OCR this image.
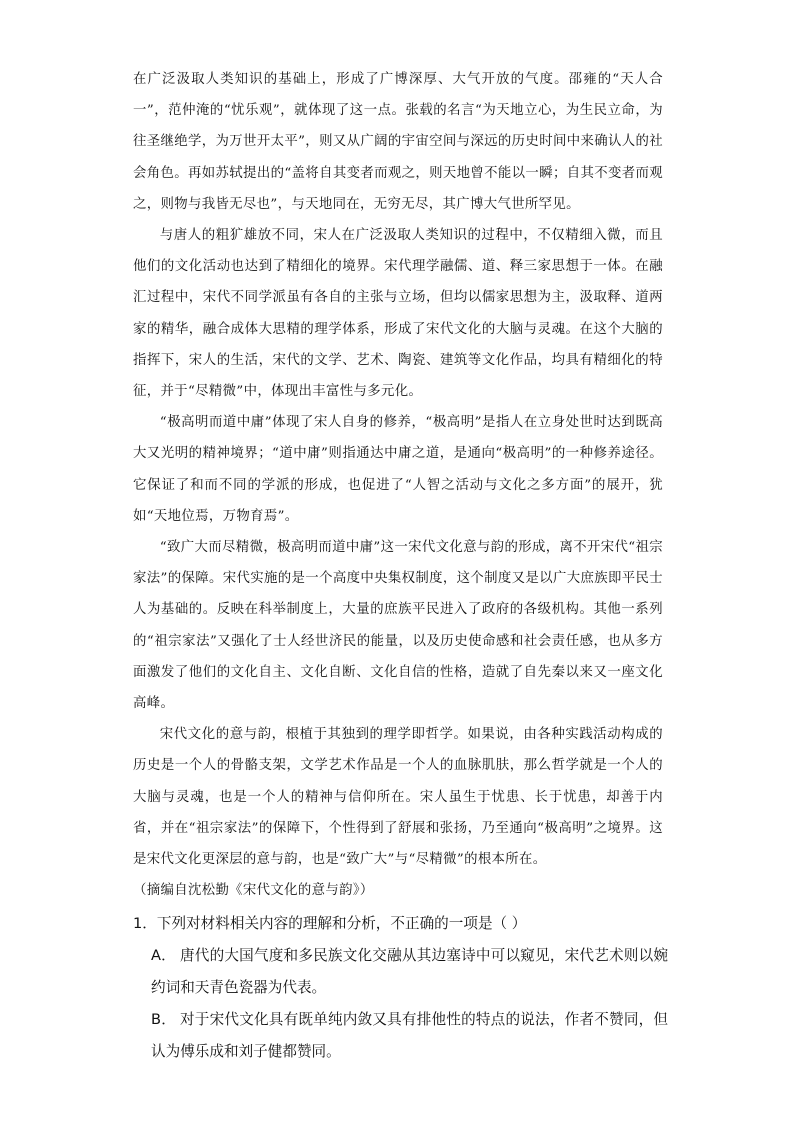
在广泛汲取人类知识的基础上，形成了广博深厚、大气开放的气度。邵雍的“天人合一”，范仲淹的“忧乐观”，就体现了这一点。张载的名言“为天地立心，为生民立命，为往圣继绝学，为万世开太平”，则又从广阔的宇宙空间与深远的历史时间中来确认人的社会角色。再如苏轼提出的“盖将自其变者而观之，则天地曾不能以一瞬；自其不变者而观之，则物与我皆无尽也”，与天地同在，无穷无尽，其广博大气世所罕见。

与唐人的粗犷雄放不同，宋人在广泛汲取人类知识的过程中，不仅精细入微，而且他们的文化活动也达到了精细化的境界。宋代理学融儒、道、释三家思想于一体。在融汇过程中，宋代不同学派虽有各自的主张与立场，但均以儒家思想为主，汲取释、道两家的精华，融合成体大思精的理学体系，形成了宋代文化的大脑与灵魂。在这个大脑的指挥下，宋人的生活，宋代的文学、艺术、陶瓷、建筑等文化作品，均具有精细化的特征，并于“尽精微”中，体现出丰富性与多元化。

“极高明而道中庸”体现了宋人自身的修养，“极高明”是指人在立身处世时达到既高大又光明的精神境界；“道中庸”则指通达中庸之道，是通向“极高明”的一种修养途径。它保证了和而不同的学派的形成，也促进了“人智之活动与文化之多方面”的展开，犹如“天地位焉，万物育焉”。

“致广大而尽精微，极高明而道中庸”这一宋代文化意与韵的形成，离不开宋代“祖宗家法”的保障。宋代实施的是一个高度中央集权制度，这个制度又是以广大庶族即平民士人为基础的。反映在科举制度上，大量的庶族平民进入了政府的各级机构。其他一系列的“祖宗家法”又强化了士人经世济民的能量，以及历史使命感和社会责任感，也从多方面激发了他们的文化自主、文化自断、文化自信的性格，造就了自先秦以来又一座文化高峰。

宋代文化的意与韵，根植于其独到的理学即哲学。如果说，由各种实践活动构成的历史是一个人的骨骼支架，文学艺术作品是一个人的血脉肌肤，那么哲学就是一个人的大脑与灵魂，也是一个人的精神与信仰所在。宋人虽生于忧患、长于忧患，却善于内省，并在“祖宗家法”的保障下，个性得到了舒展和张扬，乃至通向“极高明”之境界。这是宋代文化更深层的意与韵，也是“致广大”与“尽精微”的根本所在。

（摘编自沈松勤《宋代文化的意与韵》）

1．下列对材料相关内容的理解和分析，不正确的一项是（ ）

A． 唐代的大国气度和多民族文化交融从其边塞诗中可以窥见，宋代艺术则以婉约词和天青色瓷器为代表。

B． 对于宋代文化具有既单纯内敛又具有排他性的特点的说法，作者不赞同，但认为傅乐成和刘子健都赞同。
